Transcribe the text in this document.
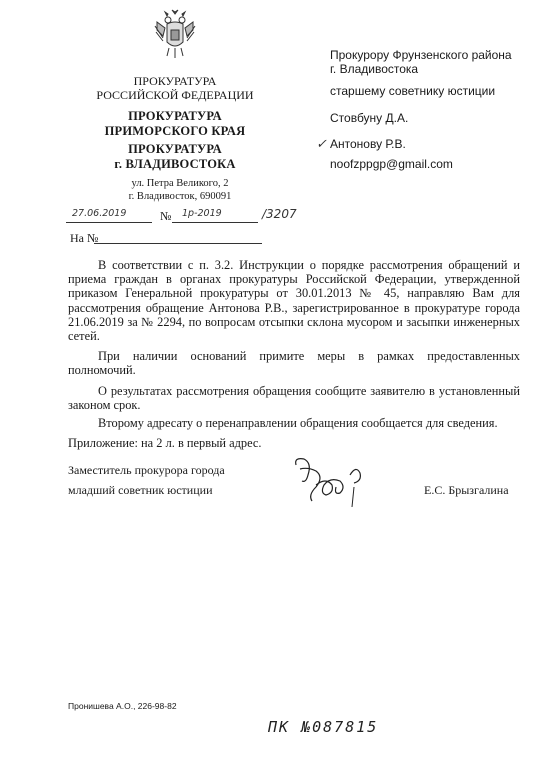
ПРОКУРАТУРА
РОССИЙСКОЙ ФЕДЕРАЦИИ
ПРОКУРАТУРА
ПРИМОРСКОГО КРАЯ
ПРОКУРАТУРА
г. ВЛАДИВОСТОКА
ул. Петра Великого, 2
г. Владивосток, 690091
27.06.2019	№ 1р-2019	/3207
На №
Прокурору Фрунзенского района
г. Владивостока
старшему советнику юстиции
Стовбуну Д.А.
✓ Антонову Р.В.
noofzppgp@gmail.com

В соответствии с п. 3.2. Инструкции о порядке рассмотрения обращений и приема граждан в органах прокуратуры Российской Федерации, утвержденной приказом Генеральной прокуратуры от 30.01.2013 № 45, направляю Вам для рассмотрения обращение Антонова Р.В., зарегистрированное в прокуратуре города 21.06.2019 за № 2294, по вопросам отсыпки склона мусором и засыпки инженерных сетей.

При наличии оснований примите меры в рамках предоставленных полномочий.

О результатах рассмотрения обращения сообщите заявителю в установленный законом срок.

Второму адресату о перенаправлении обращения сообщается для сведения.

Приложение: на 2 л. в первый адрес.

Заместитель прокурора города
младший советник юстиции	Е.С. Брызгалина
Пронишева А.О., 226-98-82
ПК №087815
